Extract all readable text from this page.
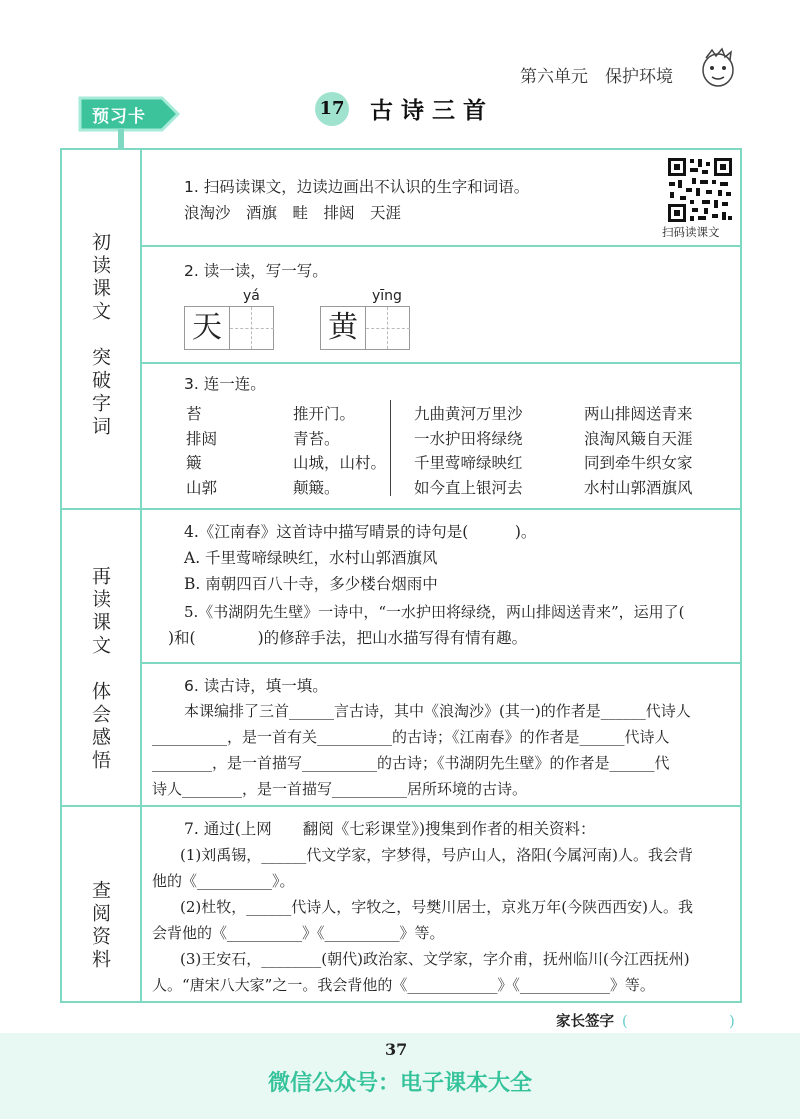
第六单元　保护环境
预习卡	17 古诗三首
初读课文　突破字词
再读课文　体会感悟
查阅资料
1. 扫码读课文，边读边画出不认识的生字和词语。
浪淘沙　酒旗　畦　排闼　天涯
扫码读课文
2. 读一读，写一写。
yá
天
yīng
黄
3. 连一连。
苔
排闼
簸
山郭
推开门。
青苔。
山城，山村。
颠簸。
九曲黄河万里沙
一水护田将绿绕
千里莺啼绿映红
如今直上银河去
两山排闼送青来
浪淘风簸自天涯
同到牵牛织女家
水村山郭酒旗风
4.《江南春》这首诗中描写晴景的诗句是(　　　)。
A. 千里莺啼绿映红，水村山郭酒旗风
B. 南朝四百八十寺，多少楼台烟雨中
5.《书湖阴先生壁》一诗中，“一水护田将绿绕，两山排闼送青来”，运用了(
)和(　　　　)的修辞手法，把山水描写得有情有趣。
6. 读古诗，填一填。
本课编排了三首______言古诗，其中《浪淘沙》(其一)的作者是______代诗人
__________，是一首有关__________的古诗；《江南春》的作者是______代诗人
________，是一首描写__________的古诗；《书湖阴先生壁》的作者是______代
诗人________，是一首描写__________居所环境的古诗。
7. 通过(上网　　翻阅《七彩课堂》)搜集到作者的相关资料：
(1)刘禹锡，______代文学家，字梦得，号庐山人，洛阳(今属河南)人。我会背
他的《__________》。
(2)杜牧，______代诗人，字牧之，号樊川居士，京兆万年(今陕西西安)人。我
会背他的《__________》《__________》等。
(3)王安石，________(朝代)政治家、文学家，字介甫，抚州临川(今江西抚州)
人。“唐宋八大家”之一。我会背他的《____________》《____________》等。
家长签字 (　　　　　　　)
37
微信公众号：电子课本大全
